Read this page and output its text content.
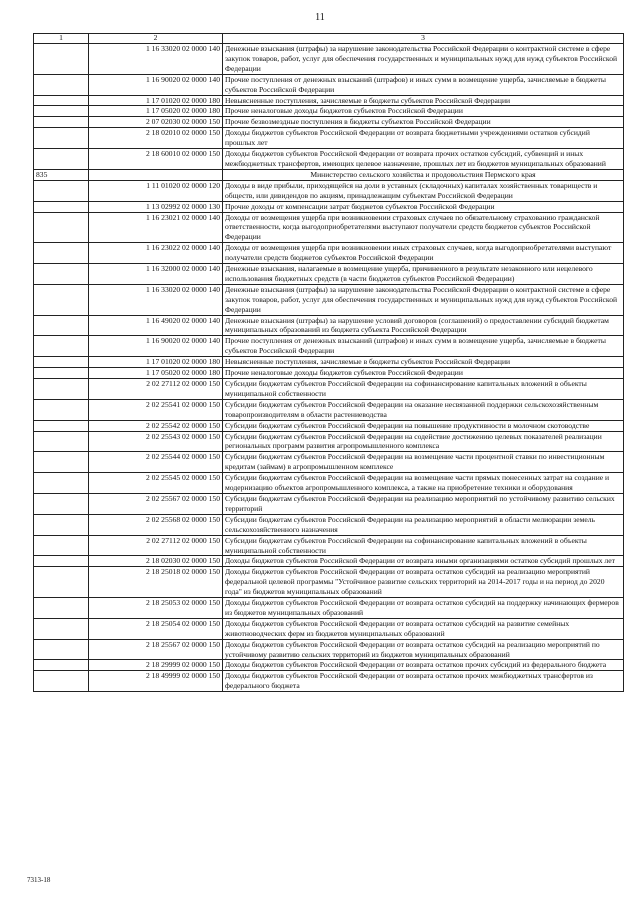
11
1	2	3
	1 16 33020 02 0000 140	Денежные взыскания (штрафы) за нарушение законодательства Российской Федерации о контрактной системе в сфере закупок товаров, работ, услуг для обеспечения государственных и муниципальных нужд для нужд субъектов Российской Федерации
	1 16 90020 02 0000 140	Прочие поступления от денежных взысканий (штрафов) и иных сумм в возмещение ущерба, зачисляемые в бюджеты субъектов Российской Федерации
	1 17 01020 02 0000 180	Невыясненные поступления, зачисляемые в бюджеты субъектов Российской Федерации
	1 17 05020 02 0000 180	Прочие неналоговые доходы бюджетов субъектов Российской Федерации
	2 07 02030 02 0000 150	Прочие безвозмездные поступления в бюджеты субъектов Российской Федерации
	2 18 02010 02 0000 150	Доходы бюджетов субъектов Российской Федерации от возврата бюджетными учреждениями остатков субсидий прошлых лет
	2 18 60010 02 0000 150	Доходы бюджетов субъектов Российской Федерации от возврата прочих остатков субсидий, субвенций и иных межбюджетных трансфертов, имеющих целевое назначение, прошлых лет из бюджетов муниципальных образований
835		Министерство сельского хозяйства и продовольствия Пермского края
	1 11 01020 02 0000 120	Доходы в виде прибыли, приходящейся на доли в уставных (складочных) капиталах хозяйственных товариществ и обществ, или дивидендов по акциям, принадлежащим субъектам Российской Федерации
	1 13 02992 02 0000 130	Прочие доходы от компенсации затрат бюджетов субъектов Российской Федерации
	1 16 23021 02 0000 140	Доходы от возмещения ущерба при возникновении страховых случаев по обязательному страхованию гражданской ответственности, когда выгодоприобретателями выступают получатели средств бюджетов субъектов Российской Федерации
	1 16 23022 02 0000 140	Доходы от возмещения ущерба при возникновении иных страховых случаев, когда выгодоприобретателями выступают получатели средств бюджетов субъектов Российской Федерации
	1 16 32000 02 0000 140	Денежные взыскания, налагаемые в возмещение ущерба, причиненного в результате незаконного или нецелевого использования бюджетных средств (в части бюджетов субъектов Российской Федерации)
	1 16 33020 02 0000 140	Денежные взыскания (штрафы) за нарушение законодательства Российской Федерации о контрактной системе в сфере закупок товаров, работ, услуг для обеспечения государственных и муниципальных нужд для нужд субъектов Российской Федерации
	1 16 49020 02 0000 140	Денежные взыскания (штрафы) за нарушение условий договоров (соглашений) о предоставлении субсидий бюджетам муниципальных образований из бюджета субъекта Российской Федерации
	1 16 90020 02 0000 140	Прочие поступления от денежных взысканий (штрафов) и иных сумм в возмещение ущерба, зачисляемые в бюджеты субъектов Российской Федерации
	1 17 01020 02 0000 180	Невыясненные поступления, зачисляемые в бюджеты субъектов Российской Федерации
	1 17 05020 02 0000 180	Прочие неналоговые доходы бюджетов субъектов Российской Федерации
	2 02 27112 02 0000 150	Субсидии бюджетам субъектов Российской Федерации на софинансирование капитальных вложений в объекты муниципальной собственности
	2 02 25541 02 0000 150	Субсидии бюджетам субъектов Российской Федерации на оказание несвязанной поддержки сельскохозяйственным товаропроизводителям в области растениеводства
	2 02 25542 02 0000 150	Субсидии бюджетам субъектов Российской Федерации на повышение продуктивности в молочном скотоводстве
	2 02 25543 02 0000 150	Субсидии бюджетам субъектов Российской Федерации на содействие достижению целевых показателей реализации региональных программ развития агропромышленного комплекса
	2 02 25544 02 0000 150	Субсидии бюджетам субъектов Российской Федерации на возмещение части процентной ставки по инвестиционным кредитам (займам) в агропромышленном комплексе
	2 02 25545 02 0000 150	Субсидии бюджетам субъектов Российской Федерации на возмещение части прямых понесенных затрат на создание и модернизацию объектов агропромышленного комплекса, а также на приобретение техники и оборудования
	2 02 25567 02 0000 150	Субсидии бюджетам субъектов Российской Федерации на реализацию мероприятий по устойчивому развитию сельских территорий
	2 02 25568 02 0000 150	Субсидии бюджетам субъектов Российской Федерации на реализацию мероприятий в области мелиорации земель сельскохозяйственного назначения
	2 02 27112 02 0000 150	Субсидии бюджетам субъектов Российской Федерации на софинансирование капитальных вложений в объекты муниципальной собственности
	2 18 02030 02 0000 150	Доходы бюджетов субъектов Российской Федерации от возврата иными организациями остатков субсидий прошлых лет
	2 18 25018 02 0000 150	Доходы бюджетов субъектов Российской Федерации от возврата остатков субсидий на реализацию мероприятий федеральной целевой программы "Устойчивое развитие сельских территорий на 2014-2017 годы и на период до 2020 года" из бюджетов муниципальных образований
	2 18 25053 02 0000 150	Доходы бюджетов субъектов Российской Федерации от возврата остатков субсидий на поддержку начинающих фермеров из бюджетов муниципальных образований
	2 18 25054 02 0000 150	Доходы бюджетов субъектов Российской Федерации от возврата остатков субсидий на развитие семейных животноводческих ферм из бюджетов муниципальных образований
	2 18 25567 02 0000 150	Доходы бюджетов субъектов Российской Федерации от возврата остатков субсидий на реализацию мероприятий по устойчивому развитию сельских территорий из бюджетов муниципальных образований
	2 18 29999 02 0000 150	Доходы бюджетов субъектов Российской Федерации от возврата остатков прочих субсидий из федерального бюджета
	2 18 49999 02 0000 150	Доходы бюджетов субъектов Российской Федерации от возврата остатков прочих межбюджетных трансфертов из федерального бюджета
7313-18
